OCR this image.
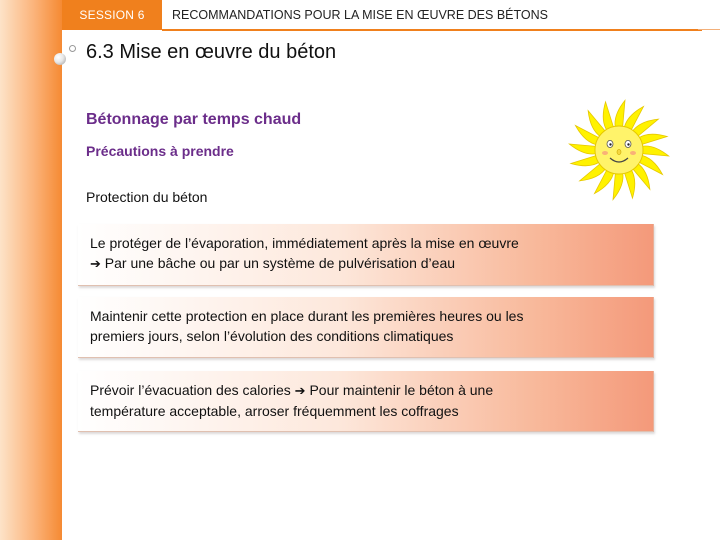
SESSION 6	RECOMMANDATIONS POUR LA MISE EN ŒUVRE DES BÉTONS
6.3 Mise en œuvre du béton
Bétonnage par temps chaud
Précautions à prendre
Protection du béton
Le protéger de l’évaporation, immédiatement après la mise en œuvre
➔ Par une bâche ou par un système de pulvérisation d’eau
Maintenir cette protection en place durant les premières heures ou les
premiers jours, selon l’évolution des conditions climatiques
Prévoir l’évacuation des calories ➔ Pour maintenir le béton à une
température acceptable, arroser fréquemment les coffrages
